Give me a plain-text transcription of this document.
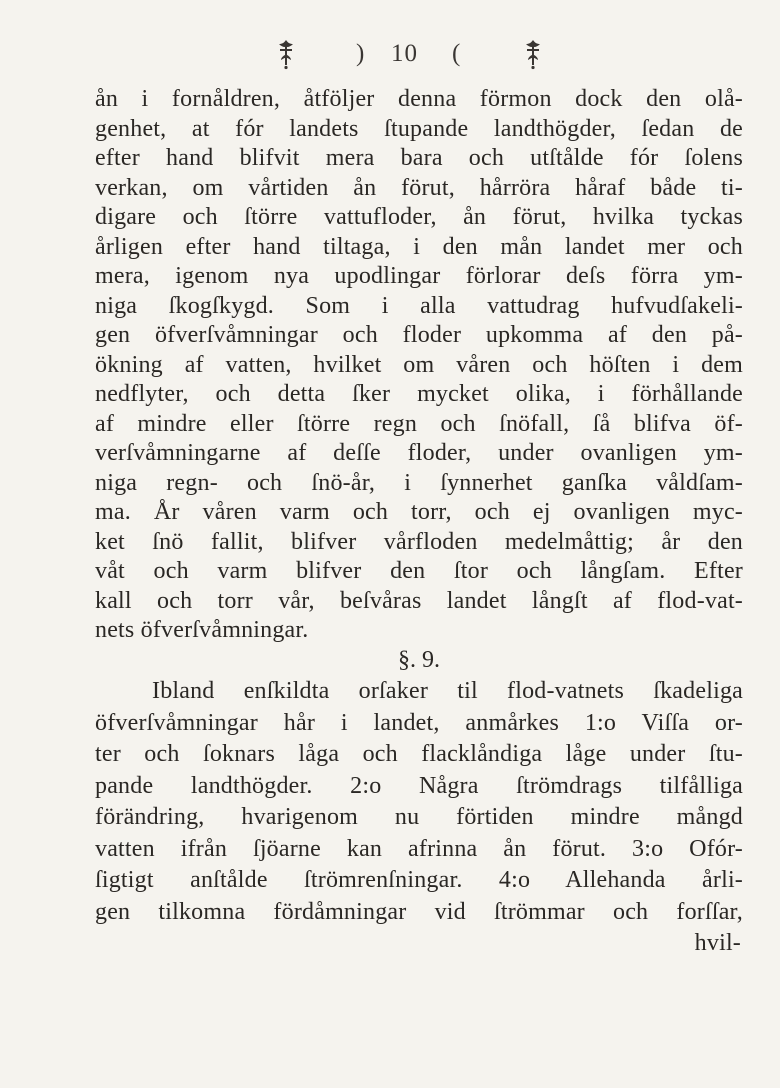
) 10 (
ån i fornåldren, åtföljer denna förmon dock den olå-
genhet, at fór landets ſtupande landthögder, ſedan de
efter hand blifvit mera bara och utſtålde fór ſolens
verkan, om vårtiden ån förut, hårröra håraf både ti-
digare och ſtörre vattufloder, ån förut, hvilka tyckas
årligen efter hand tiltaga, i den mån landet mer och
mera, igenom nya upodlingar förlorar deſs förra ym-
niga ſkogſkygd. Som i alla vattudrag hufvudſakeli-
gen öfverſvåmningar och floder upkomma af den på-
ökning af vatten, hvilket om våren och höſten i dem
nedflyter, och detta ſker mycket olika, i förhållande
af mindre eller ſtörre regn och ſnöfall, ſå blifva öf-
verſvåmningarne af deſſe floder, under ovanligen ym-
niga regn- och ſnö-år, i ſynnerhet ganſka våldſam-
ma. År våren varm och torr, och ej ovanligen myc-
ket ſnö fallit, blifver vårfloden medelmåttig; år den
våt och varm blifver den ſtor och långſam. Efter
kall och torr vår, beſvåras landet långſt af flod-vat-
nets öfverſvåmningar.
§. 9.
Ibland enſkildta orſaker til flod-vatnets ſkadeliga
öfverſvåmningar hår i landet, anmårkes 1:o Viſſa or-
ter och ſoknars låga och flacklåndiga låge under ſtu-
pande landthögder. 2:o Några ſtrömdrags tilfålliga
förändring, hvarigenom nu förtiden mindre mångd
vatten ifrån ſjöarne kan afrinna ån förut. 3:o Ofór-
ſigtigt anſtålde ſtrömrenſningar. 4:o Allehanda årli-
gen tilkomna fördåmningar vid ſtrömmar och forſſar,
hvil-
